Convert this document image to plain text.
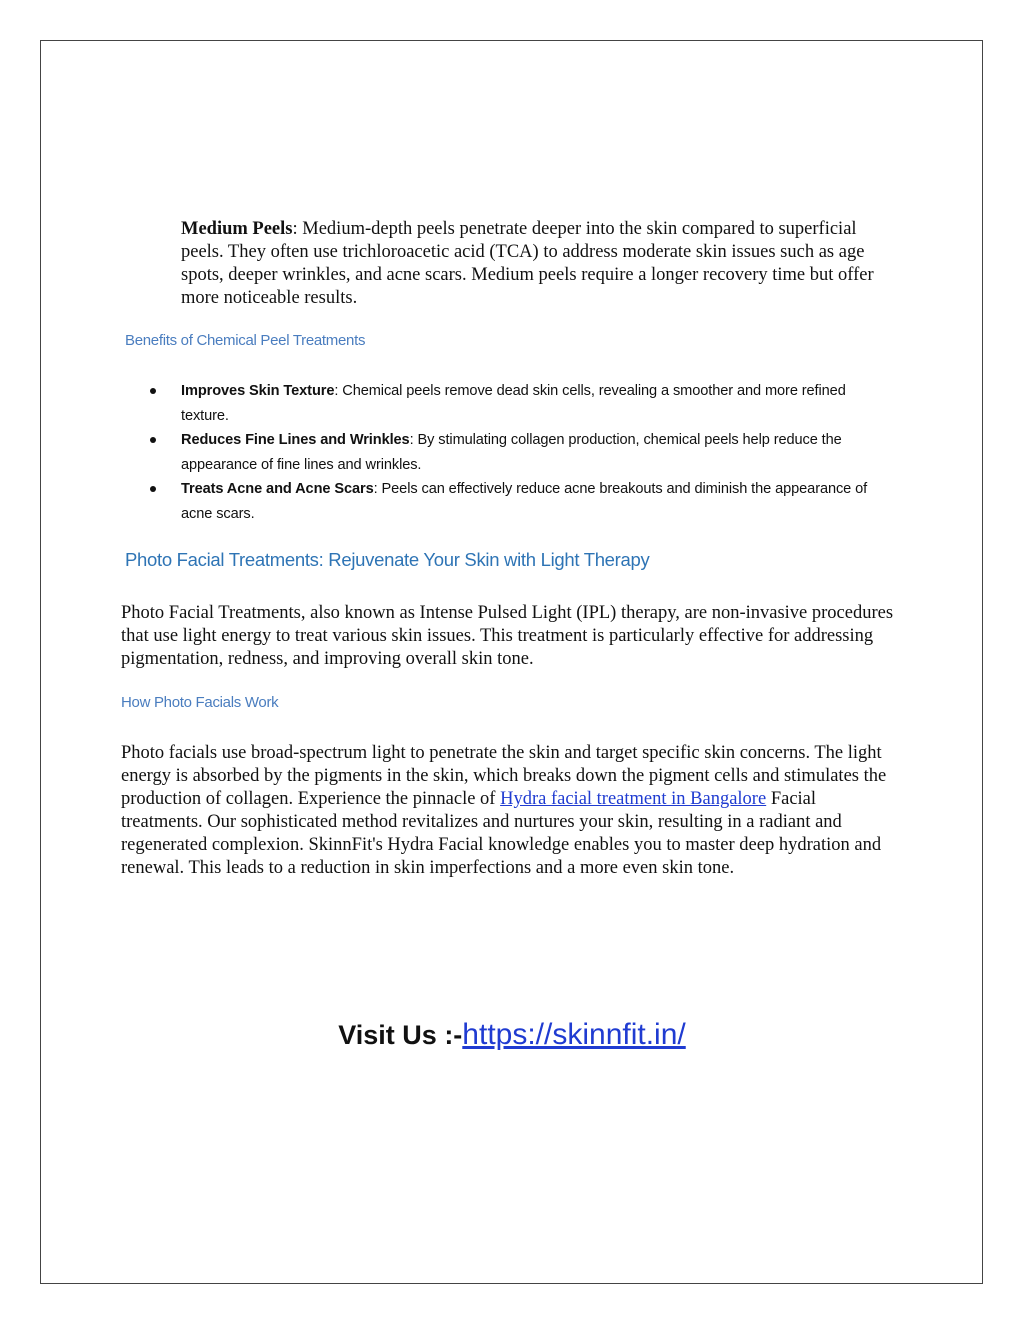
Medium Peels: Medium-depth peels penetrate deeper into the skin compared to superficial peels. They often use trichloroacetic acid (TCA) to address moderate skin issues such as age spots, deeper wrinkles, and acne scars. Medium peels require a longer recovery time but offer more noticeable results.

Benefits of Chemical Peel Treatments
Improves Skin Texture: Chemical peels remove dead skin cells, revealing a smoother and more refined texture.
Reduces Fine Lines and Wrinkles: By stimulating collagen production, chemical peels help reduce the appearance of fine lines and wrinkles.
Treats Acne and Acne Scars: Peels can effectively reduce acne breakouts and diminish the appearance of acne scars.
Photo Facial Treatments: Rejuvenate Your Skin with Light Therapy

Photo Facial Treatments, also known as Intense Pulsed Light (IPL) therapy, are non-invasive procedures that use light energy to treat various skin issues. This treatment is particularly effective for addressing pigmentation, redness, and improving overall skin tone.

How Photo Facials Work

Photo facials use broad-spectrum light to penetrate the skin and target specific skin concerns. The light energy is absorbed by the pigments in the skin, which breaks down the pigment cells and stimulates the production of collagen. Experience the pinnacle of Hydra facial treatment in Bangalore Facial treatments. Our sophisticated method revitalizes and nurtures your skin, resulting in a radiant and regenerated complexion. SkinnFit's Hydra Facial knowledge enables you to master deep hydration and renewal. This leads to a reduction in skin imperfections and a more even skin tone.

Visit Us :-https://skinnfit.in/
